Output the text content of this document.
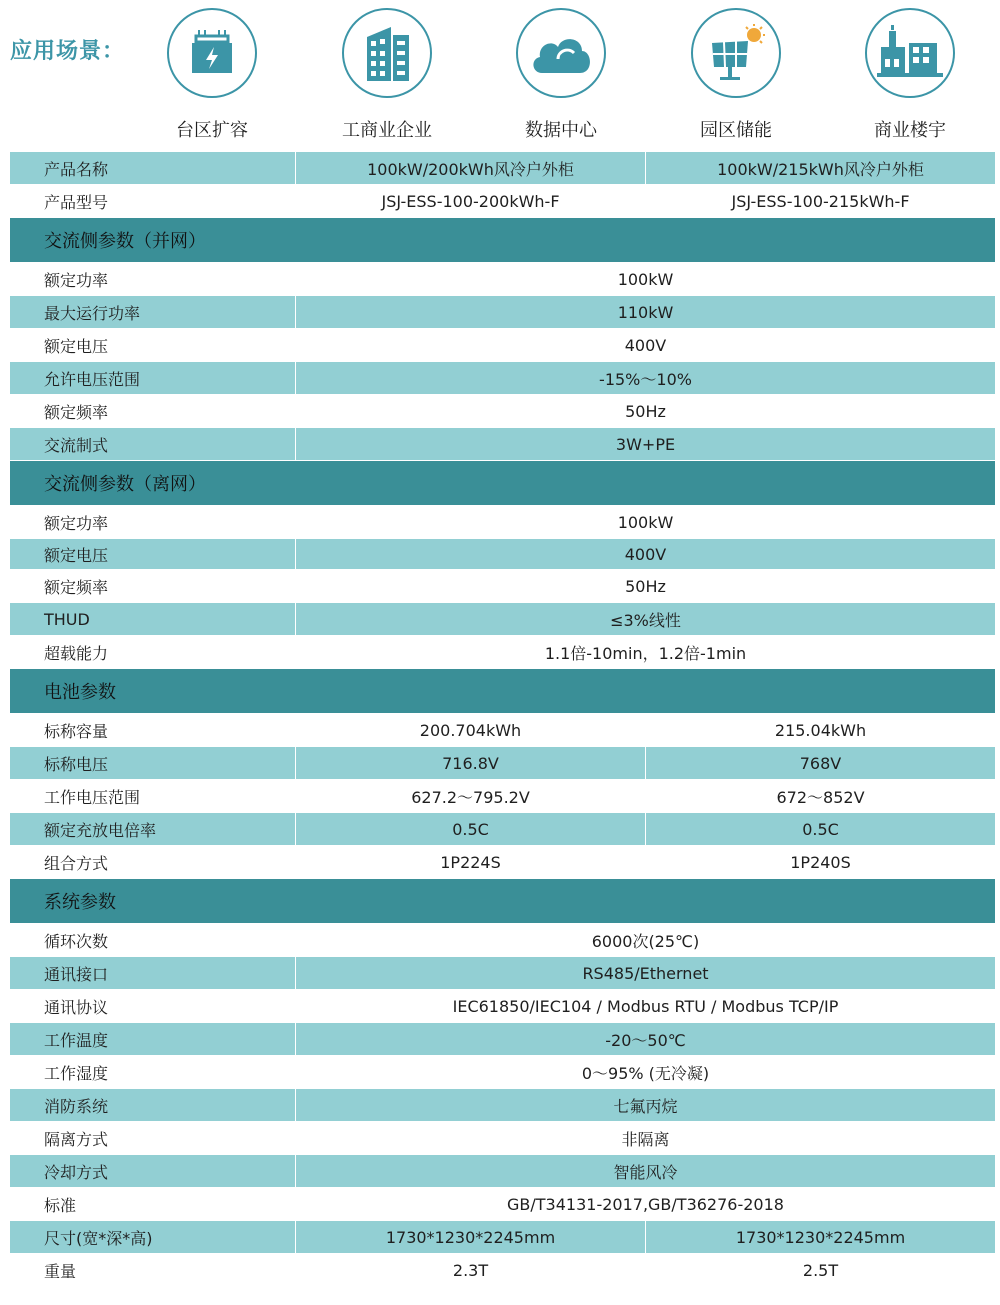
应用场景：
台区扩容	工商业企业	数据中心	园区储能	商业楼宇
产品名称	100kW/200kWh风冷户外柜	100kW/215kWh风冷户外柜
产品型号	JSJ-ESS-100-200kWh-F	JSJ-ESS-100-215kWh-F
交流侧参数（并网）
额定功率	100kW
最大运行功率	110kW
额定电压	400V
允许电压范围	-15%～10%
额定频率	50Hz
交流制式	3W+PE
交流侧参数（离网）
额定功率	100kW
额定电压	400V
额定频率	50Hz
THUD	≤3%线性
超载能力	1.1倍-10min，1.2倍-1min
电池参数
标称容量	200.704kWh	215.04kWh
标称电压	716.8V	768V
工作电压范围	627.2～795.2V	672～852V
额定充放电倍率	0.5C	0.5C
组合方式	1P224S	1P240S
系统参数
循环次数	6000次(25℃)
通讯接口	RS485/Ethernet
通讯协议	IEC61850/IEC104 / Modbus RTU / Modbus TCP/IP
工作温度	-20～50℃
工作湿度	0～95% (无冷凝)
消防系统	七氟丙烷
隔离方式	非隔离
冷却方式	智能风冷
标准	GB/T34131-2017,GB/T36276-2018
尺寸(宽*深*高)	1730*1230*2245mm	1730*1230*2245mm
重量	2.3T	2.5T
